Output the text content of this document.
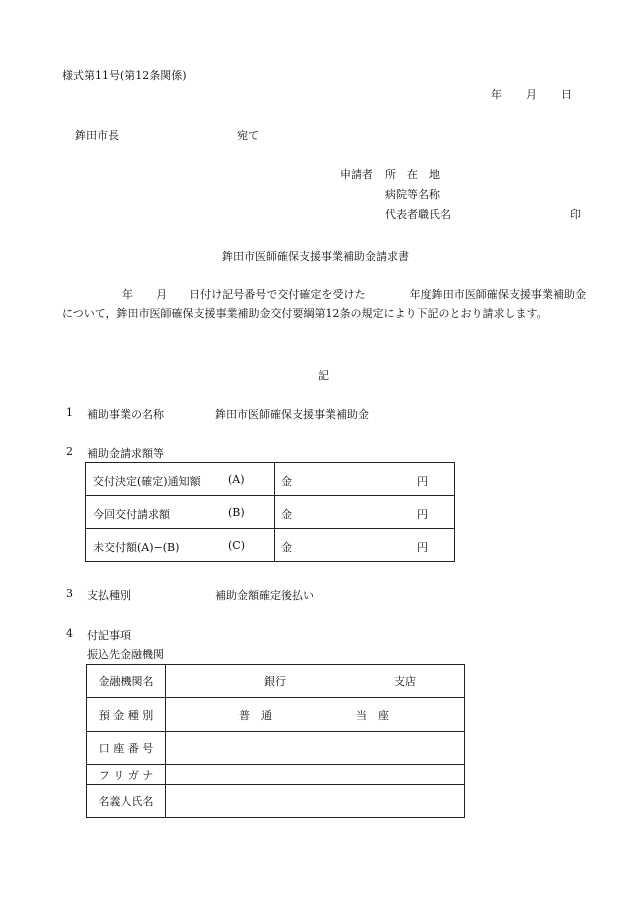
様式第11号(第12条関係)
年 月 日
鉾田市長	宛て
申請者 所　在　地
病院等名称
代表者職氏名	印
鉾田市医師確保支援事業補助金請求書
年 月 日付け記号番号で交付確定を受けた	年度鉾田市医師確保支援事業補助金について，鉾田市医師確保支援事業補助金交付要綱第12条の規定により下記のとおり請求します。
記
1 補助事業の名称	鉾田市医師確保支援事業補助金
2 補助金請求額等
交付決定(確定)通知額 (A)	金 円

今回交付請求額 (B)	金 円

未交付額(A)−(B) (C)	金 円
3 支払種別	補助金額確定後払い
4 付記事項
振込先金融機関
金融機関名	銀行 支店

預 金 種 別	普　通 当　座

口 座 番 号	
フ リ ガ ナ	
名義人氏名	
